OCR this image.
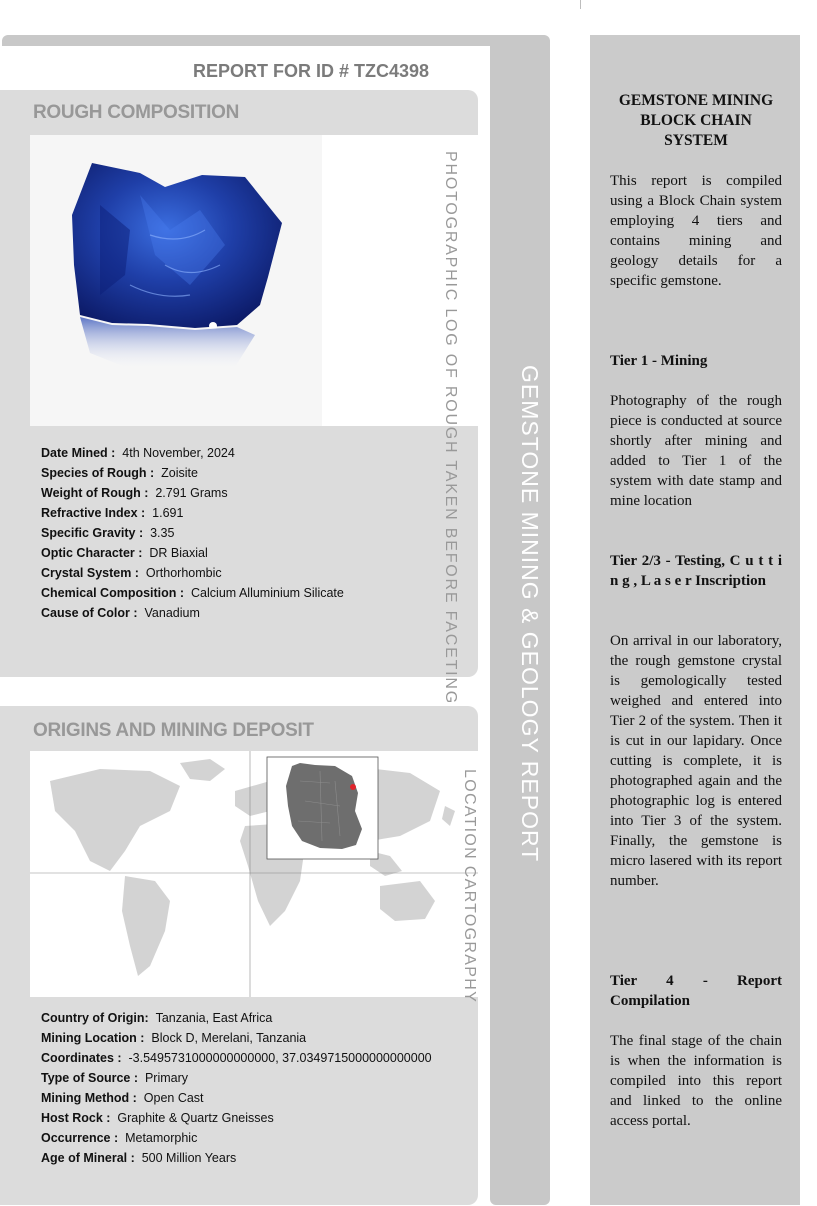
GEMSTONE MINING & GEOLOGY REPORT
REPORT FOR ID # TZC4398
ROUGH COMPOSITION
PHOTOGRAPHIC LOG OF ROUGH TAKEN BEFORE FACETING
Date Mined : 4th November, 2024
Species of Rough : Zoisite
Weight of Rough : 2.791 Grams
Refractive Index : 1.691
Specific Gravity : 3.35
Optic Character : DR Biaxial
Crystal System : Orthorhombic
Chemical Composition : Calcium Alluminium Silicate
Cause of Color : Vanadium
ORIGINS AND MINING DEPOSIT
LOCATION CARTOGRAPHY
Country of Origin: Tanzania, East Africa
Mining Location : Block D, Merelani, Tanzania
Coordinates : -3.5495731000000000000, 37.0349715000000000000
Type of Source : Primary
Mining Method : Open Cast
Host Rock : Graphite & Quartz Gneisses
Occurrence : Metamorphic
Age of Mineral : 500 Million Years
GEMSTONE MINING BLOCK CHAIN SYSTEM
This report is compiled using a Block Chain system employing 4 tiers and contains mining and geology details for a specific gemstone.
Tier 1 - Mining
Photography of the rough piece is conducted at source shortly after mining and added to Tier 1 of the system with date stamp and mine location
Tier 2/3 - Testing, C u t t i n g , L a s e r Inscription
On arrival in our laboratory, the rough gemstone crystal is gemologically tested weighed and entered into Tier 2 of the system. Then it is cut in our lapidary. Once cutting is complete, it is photographed again and the photographic log is entered into Tier 3 of the system. Finally, the gemstone is micro lasered with its report number.
Tier 4 - Report Compilation
The final stage of the chain is when the information is compiled into this report and linked to the online access portal.
